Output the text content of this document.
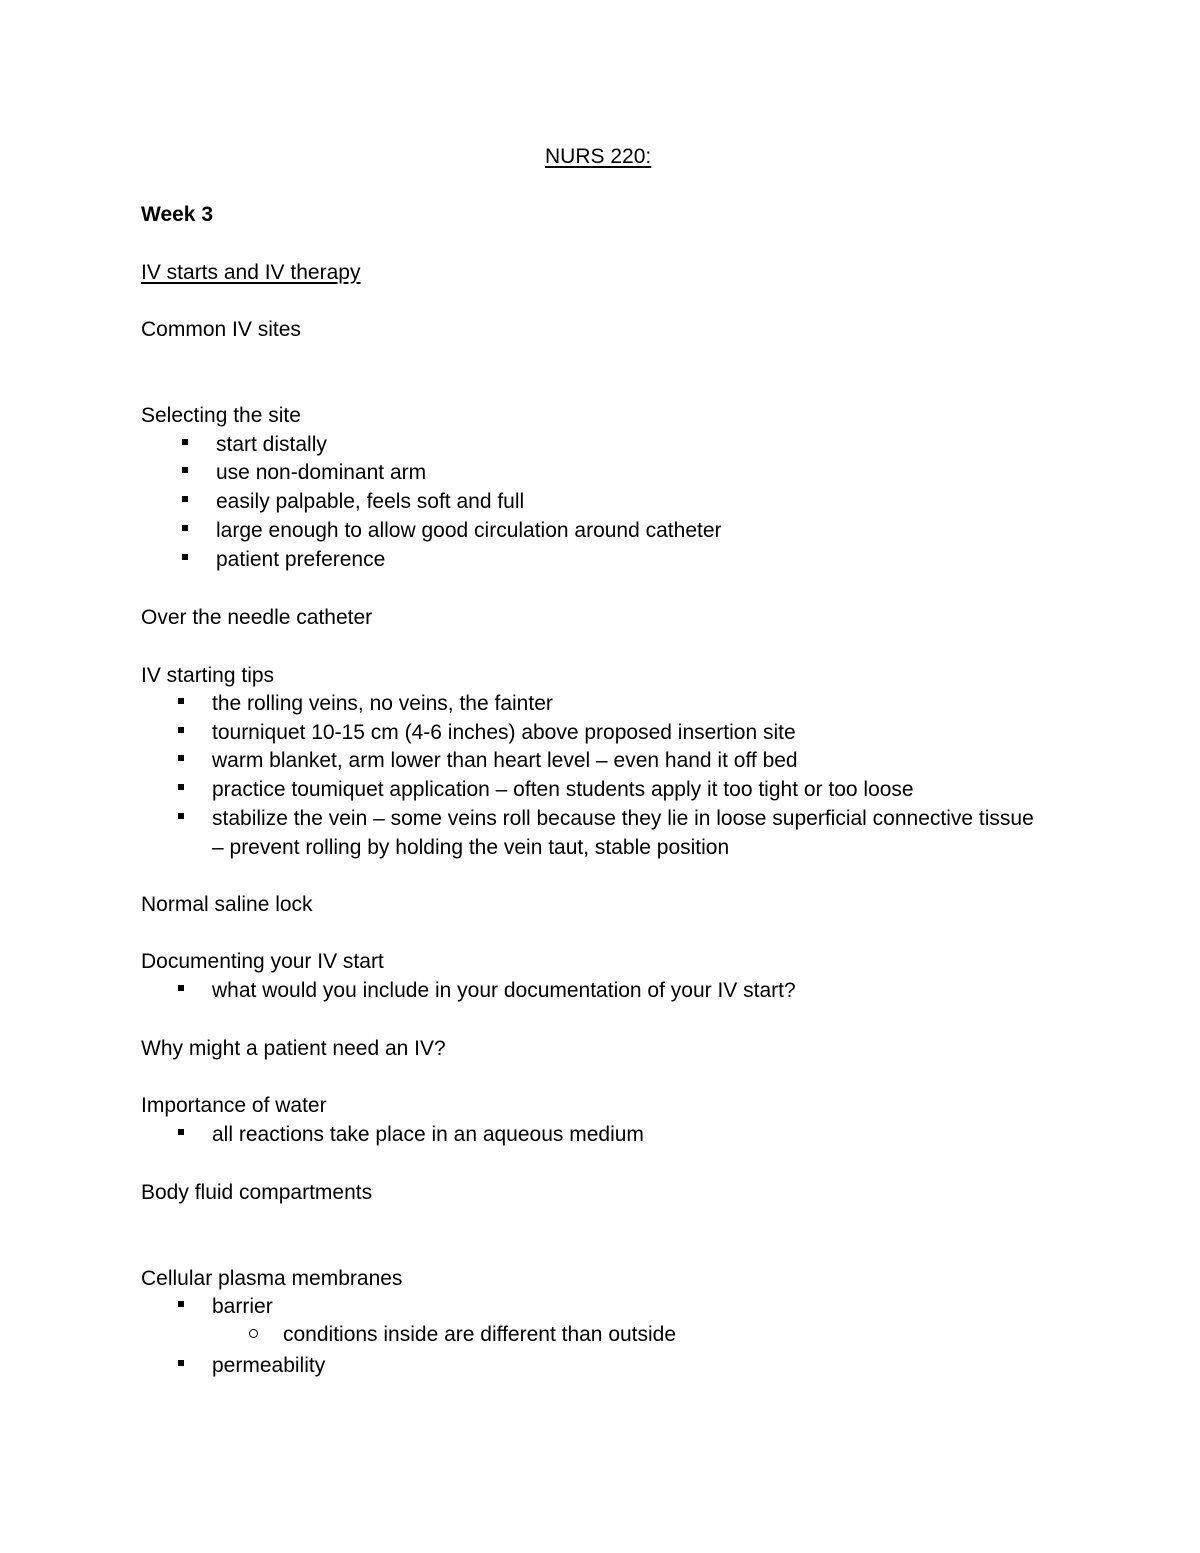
NURS 220:
Week 3
IV starts and IV therapy
Common IV sites
Selecting the site
start distally
use non-dominant arm
easily palpable, feels soft and full
large enough to allow good circulation around catheter
patient preference
Over the needle catheter
IV starting tips
the rolling veins, no veins, the fainter
tourniquet 10-15 cm (4-6 inches) above proposed insertion site
warm blanket, arm lower than heart level – even hand it off bed
practice toumiquet application – often students apply it too tight or too loose
stabilize the vein – some veins roll because they lie in loose superficial connective tissue
– prevent rolling by holding the vein taut, stable position
Normal saline lock
Documenting your IV start
what would you include in your documentation of your IV start?
Why might a patient need an IV?
Importance of water
all reactions take place in an aqueous medium
Body fluid compartments
Cellular plasma membranes
barrier
conditions inside are different than outside
permeability
